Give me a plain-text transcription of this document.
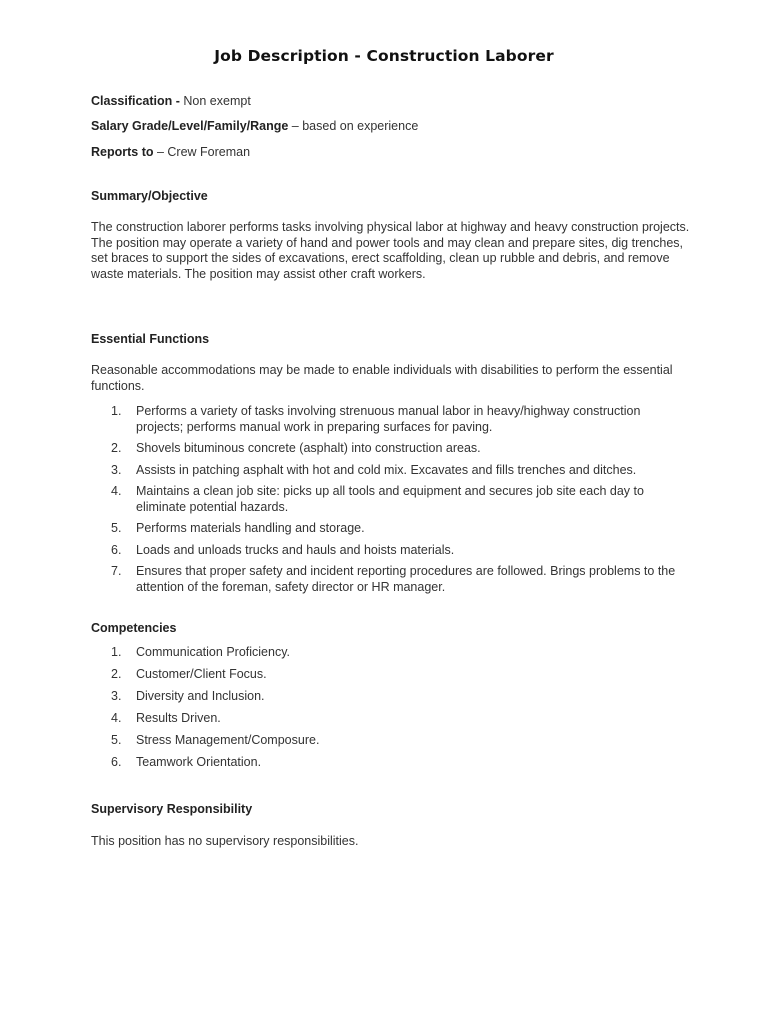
Job Description - Construction Laborer
Classification - Non exempt
Salary Grade/Level/Family/Range – based on experience
Reports to – Crew Foreman
Summary/Objective
The construction laborer performs tasks involving physical labor at highway and heavy construction projects. The position may operate a variety of hand and power tools and may clean and prepare sites, dig trenches, set braces to support the sides of excavations, erect scaffolding, clean up rubble and debris, and remove waste materials. The position may assist other craft workers.
Essential Functions
Reasonable accommodations may be made to enable individuals with disabilities to perform the essential functions.
1. Performs a variety of tasks involving strenuous manual labor in heavy/highway construction projects; performs manual work in preparing surfaces for paving.
2. Shovels bituminous concrete (asphalt) into construction areas.
3. Assists in patching asphalt with hot and cold mix. Excavates and fills trenches and ditches.
4. Maintains a clean job site: picks up all tools and equipment and secures job site each day to eliminate potential hazards.
5. Performs materials handling and storage.
6. Loads and unloads trucks and hauls and hoists materials.
7. Ensures that proper safety and incident reporting procedures are followed. Brings problems to the attention of the foreman, safety director or HR manager.
Competencies
1. Communication Proficiency.
2. Customer/Client Focus.
3. Diversity and Inclusion.
4. Results Driven.
5. Stress Management/Composure.
6. Teamwork Orientation.
Supervisory Responsibility
This position has no supervisory responsibilities.
